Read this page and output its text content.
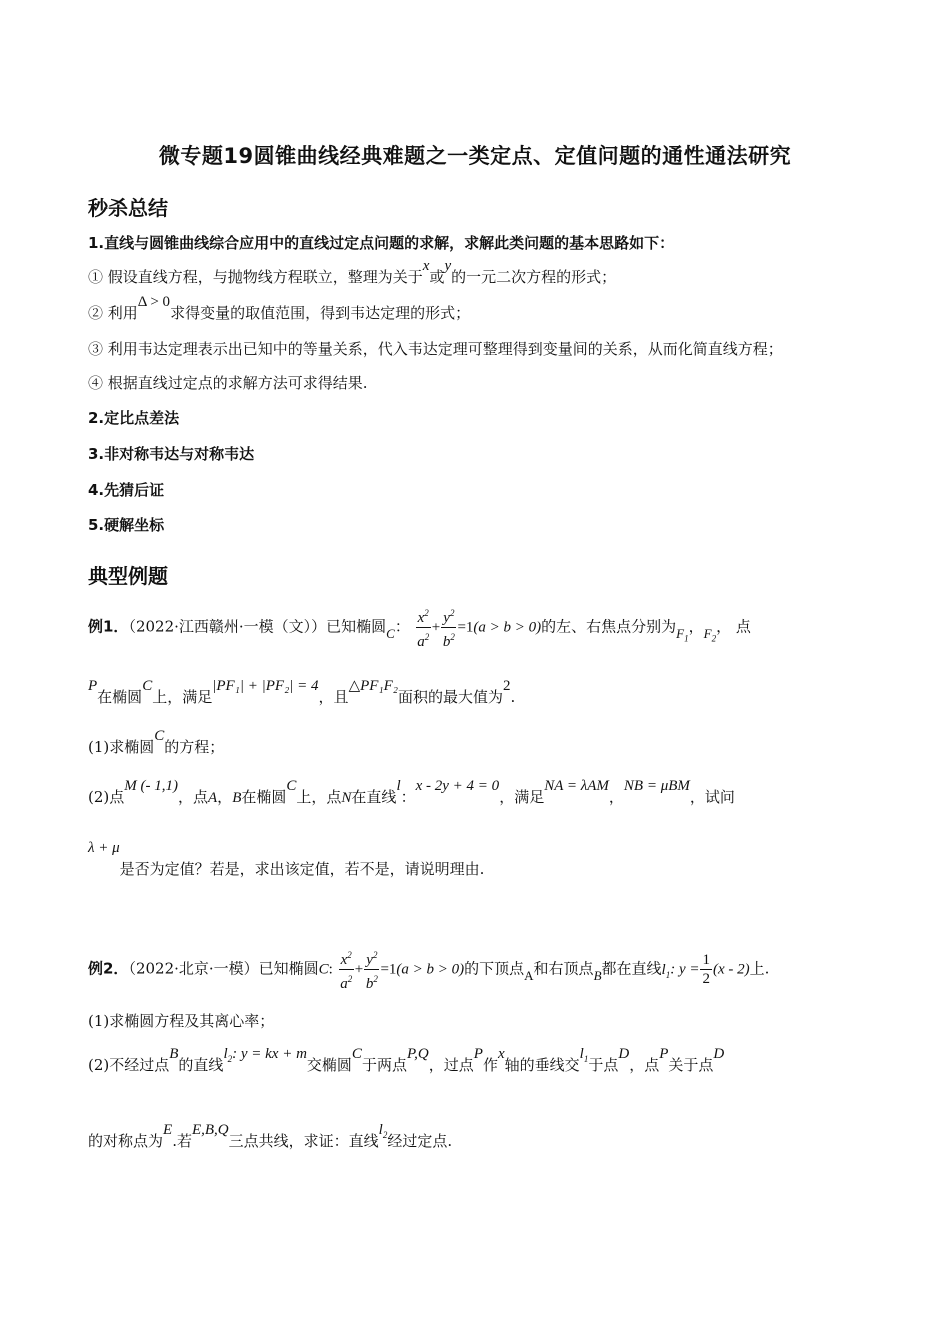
微专题19圆锥曲线经典难题之一类定点、定值问题的通性通法研究
秒杀总结
1.直线与圆锥曲线综合应用中的直线过定点问题的求解，求解此类问题的基本思路如下：
① 假设直线方程，与抛物线方程联立，整理为关于x或y的一元二次方程的形式；
② 利用Δ > 0求得变量的取值范围，得到韦达定理的形式；
③ 利用韦达定理表示出已知中的等量关系，代入韦达定理可整理得到变量间的关系，从而化简直线方程；
④ 根据直线过定点的求解方法可求得结果.
2.定比点差法
3.非对称韦达与对称韦达
4.先猜后证
5.硬解坐标
典型例题
例1．（2022·江西赣州·一模（文））已知椭圆C： $\frac{x^2}{a^2} + \frac{y^2}{b^2} =1(a > b > 0)$的左、右焦点分别为$F_1$，$F_2$， 点
P在椭圆C上，满足|PF₁| + |PF₂| = 4，且△PF₁F₂面积的最大值为2.
(1)求椭圆C的方程；
(2)点M (- 1,1)，点A，B在椭圆C上，点N在直线l：x - 2y + 4 = 0，满足NA = λAM，NB = μBM，试问
λ + μ是否为定值？若是，求出该定值，若不是，请说明理由.
例2．（2022·北京·一模）已知椭圆C: $\frac{x^2}{a^2} + \frac{y^2}{b^2} =1(a > b > 0)$的下顶点A和右顶点B都在直线$l_1$: $y = \frac{1}{2} (x - 2)$上.
(1)求椭圆方程及其离心率；
(2)不经过点B的直线$l_2$: y = kx + m交椭圆C于两点P,Q，过点P作x轴的垂线交$l_1$于点D，点P关于点D
的对称点为E.若E,B,Q三点共线，求证：直线$l_2$经过定点.
